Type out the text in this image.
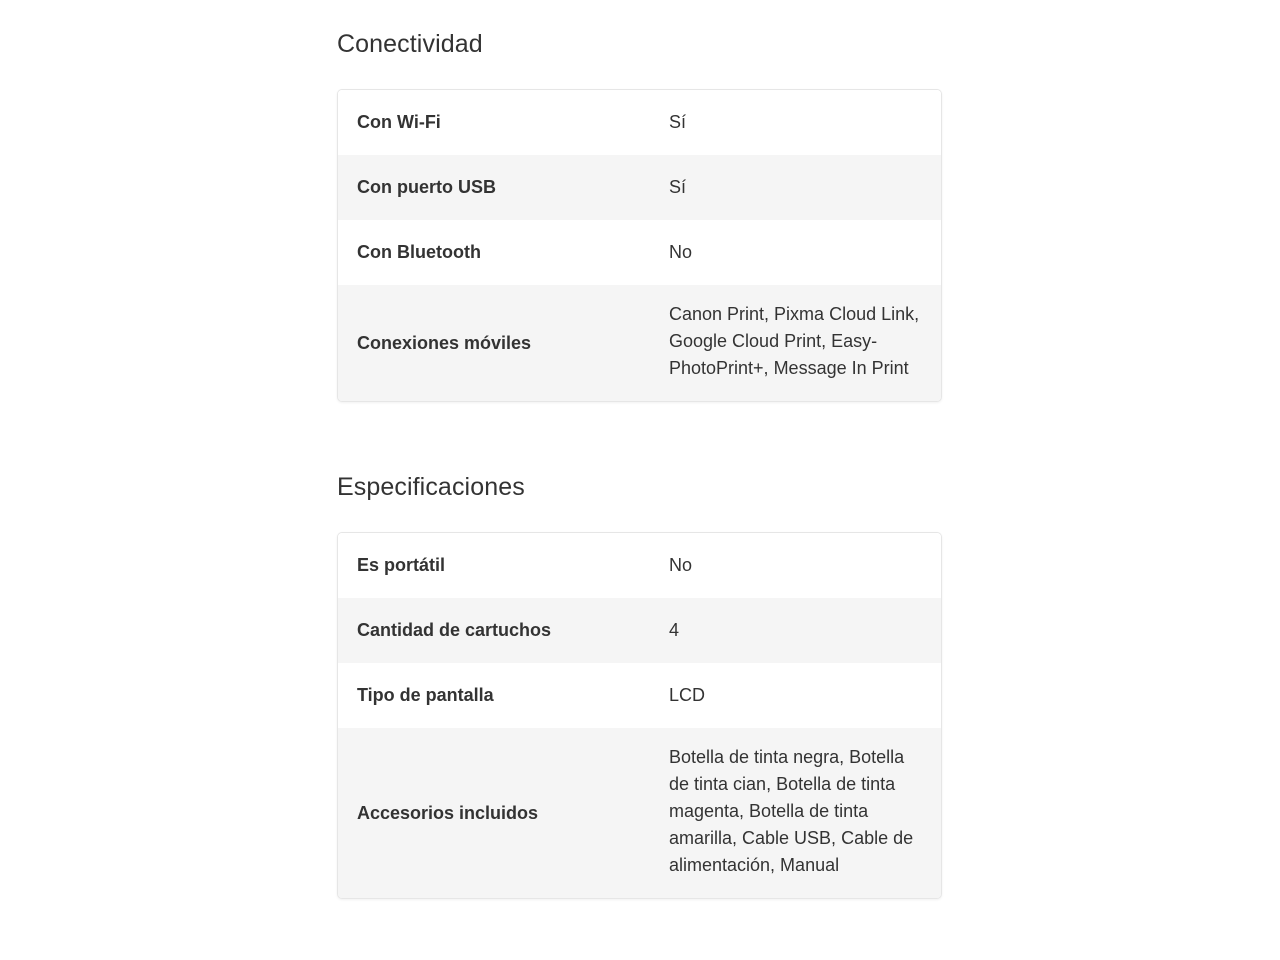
Conectividad
Con Wi-Fi	Sí
Con puerto USB	Sí
Con Bluetooth	No
Conexiones móviles	Canon Print, Pixma Cloud Link, Google Cloud Print, Easy-PhotoPrint+, Message In Print
Especificaciones
Es portátil	No
Cantidad de cartuchos	4
Tipo de pantalla	LCD
Accesorios incluidos	Botella de tinta negra, Botella de tinta cian, Botella de tinta magenta, Botella de tinta amarilla, Cable USB, Cable de alimentación, Manual
